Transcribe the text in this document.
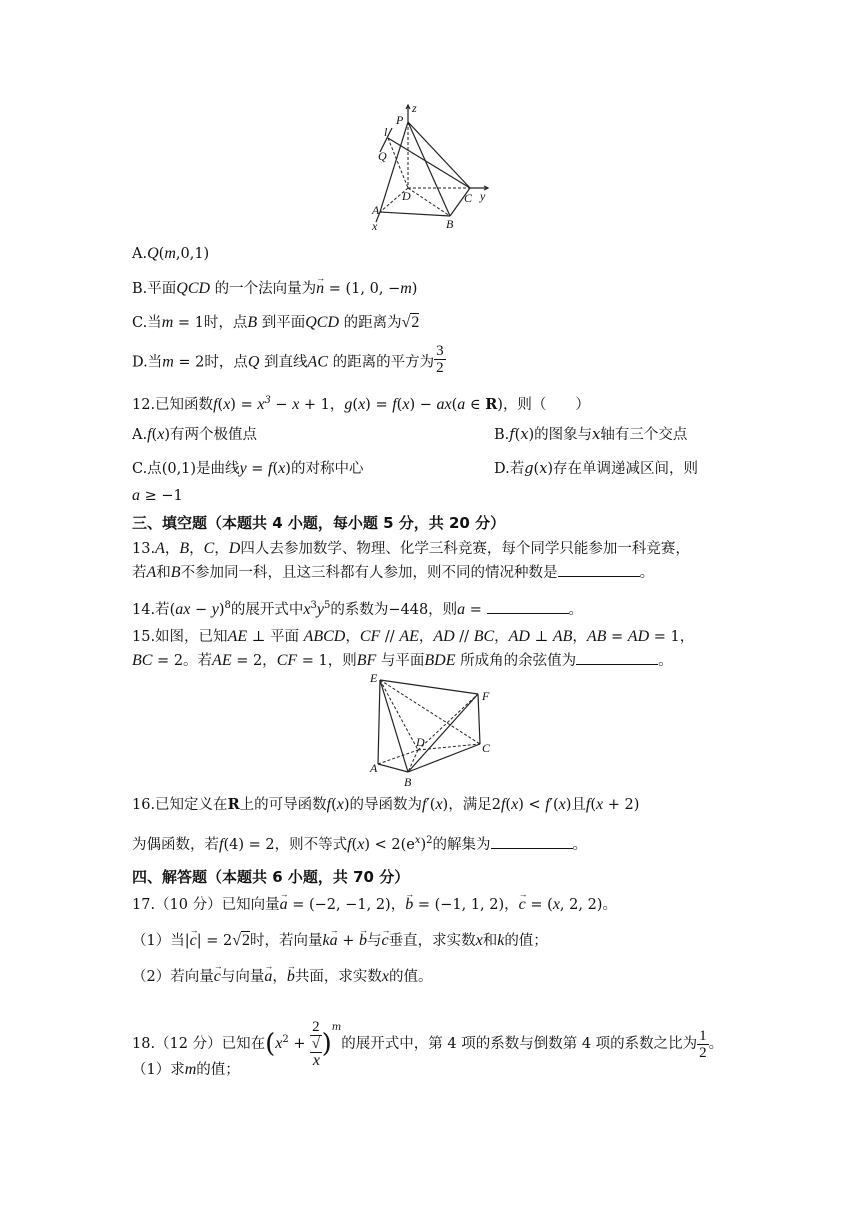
z
P
l
Q
D	C y
A
B
x
A.Q(m,0,1)
B.平面QCD 的一个法向量为→ n = (1, 0, −m)
C.当m = 1时，点B 到平面QCD 的距离为√2
D.当m = 2时，点Q 到直线AC 的距离的平方为 $\frac{3}{2}$
12.已知函数$f(x) = x^3 - x + 1$，g(x) = f(x) − ax(a ∈ R)，则（　　）
A.f(x)有两个极值点	B.f(x)的图象与x轴有三个交点
C.点(0,1)是曲线y = f(x)的对称中心	D.若g(x)存在单调递减区间，则
a ≥ −1
三、填空题（本题共 4 小题，每小题 5 分，共 20 分）
13.A，B，C，D四人去参加数学、物理、化学三科竞赛，每个同学只能参加一科竞赛，
若A和B不参加同一科，且这三科都有人参加，则不同的情况种数是	。
14.若(ax − y)$^8$的展开式中$x^3y^5$的系数为−448，则a =	。
15.如图，已知AE ⊥ 平面 ABCD，CF // AE，AD // BC，AD ⊥ AB，AB = AD = 1，
BC = 2。若AE = 2，CF = 1，则BF 与平面BDE 所成角的余弦值为	。
E
F
D	C
A
B
16.已知定义在R上的可导函数f(x)的导函数为f′(x)，满足2f(x) < f′(x)且f(x + 2)
为偶函数，若f(4) = 2，则不等式$f(x) < 2(e^x)^2$的解集为	。
四、解答题（本题共 6 小题，共 70 分）
17.（10 分）已知向量→ a = (−2, −1, 2)，→ b = (−1, 1, 2)，→ c = (x, 2, 2)。
（1）当|→ c| = 2√2时，若向量k→ a + → b与→ c垂直，求实数x和k的值；
（2）若向量→ c与向量→ a，→ b共面，求实数x的值。
18.（12 分）已知在($x^2 + 2$
√
x )$^m$的展开式中，第 4 项的系数与倒数第 4 项的系数之比为 $\frac{1}{2}$ 。
（1）求m的值；
